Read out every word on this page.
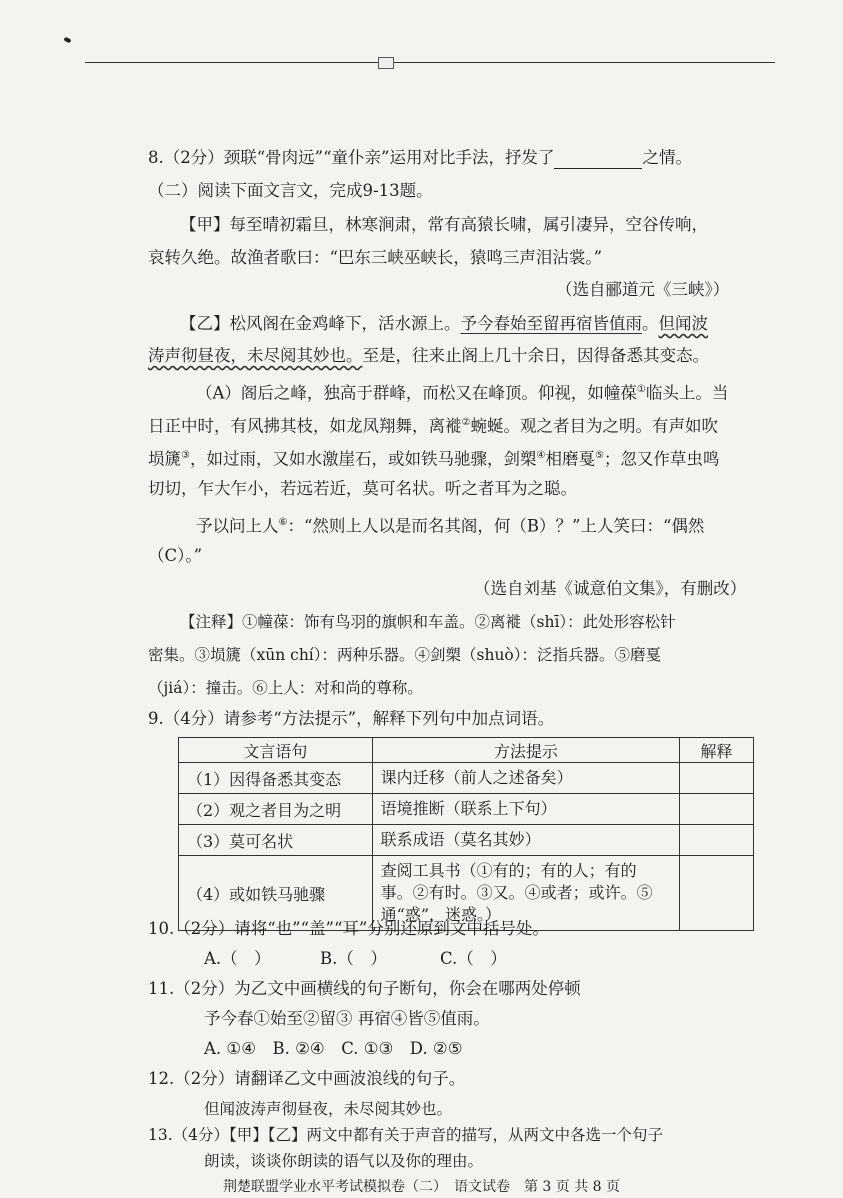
8.（2分）颈联“骨肉远”“童仆亲”运用对比手法，抒发了	之情。
（二）阅读下面文言文，完成9-13题。
【甲】每至晴初霜旦，林寒涧肃，常有高猿长啸，属引凄异，空谷传响，
哀转久绝。故渔者歌曰：“巴东三峡巫峡长，猿鸣三声泪沾裳。”
（选自郦道元《三峡》）
【乙】松风阁在金鸡峰下，活水源上。予今春始至留再宿皆值雨。但闻波
涛声彻昼夜，未尽阅其妙也。至是，往来止阁上几十余日，因得备悉其变态。
（A）阁后之峰，独高于群峰，而松又在峰顶。仰视，如幢葆①临头上。当
日正中时，有风拂其枝，如龙凤翔舞，离褷②蜿蜒。观之者目为之明。有声如吹
埙篪③，如过雨，又如水激崖石，或如铁马驰骤，剑槊④相磨戛⑤；忽又作草虫鸣
切切，乍大乍小，若远若近，莫可名状。听之者耳为之聪。
予以问上人⑥：“然则上人以是而名其阁，何（B）？”上人笑曰：“偶然
（C）。”
（选自刘基《诚意伯文集》，有删改）
【注释】①幢葆：饰有鸟羽的旗帜和车盖。②离褷（shī）：此处形容松针
密集。③埙篪（xūn chí）：两种乐器。④剑槊（shuò）：泛指兵器。⑤磨戛
（jiá）：撞击。⑥上人：对和尚的尊称。
9.（4分）请参考“方法提示”，解释下列句中加点词语。
文言语句	方法提示	解释
（1）因得备悉其变态	课内迁移（前人之述备矣）	
（2）观之者目为之明	语境推断（联系上下句）	
（3）莫可名状	联系成语（莫名其妙）	
（4）或如铁马驰骤	查阅工具书（①有的；有的人；有的
事。②有时。③又。④或者；或许。⑤
通“惑”，迷惑。）	

10.（2分）请将“也”“盖”“耳”分别还原到文中括号处。
A.（　）	B.（　）	C.（　）
11.（2分）为乙文中画横线的句子断句，你会在哪两处停顿
予今春①始至②留③ 再宿④皆⑤值雨。
A. ①④　B. ②④　C. ①③　D. ②⑤
12.（2分）请翻译乙文中画波浪线的句子。
但闻波涛声彻昼夜，未尽阅其妙也。
13.（4分）【甲】【乙】两文中都有关于声音的描写，从两文中各选一个句子
朗读，谈谈你朗读的语气以及你的理由。
荆楚联盟学业水平考试模拟卷（二）　语文试卷　第 3 页 共 8 页
